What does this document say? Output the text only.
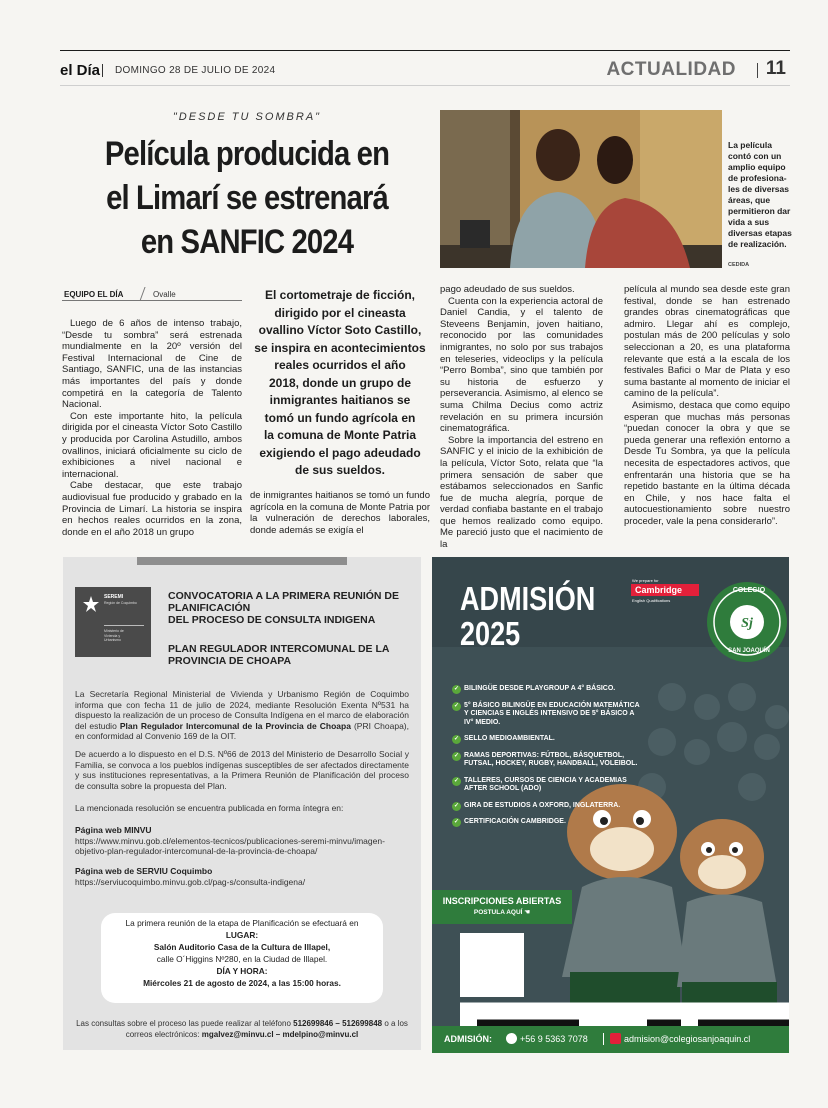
el Día DOMINGO 28 DE JULIO DE 2024	ACTUALIDAD 11
"DESDE TU SOMBRA"
Película producida en
el Limarí se estrenará
en SANFIC 2024
La película contó con un amplio equipo de profesiona-les de diversas áreas, que permitieron dar vida a sus diversas etapas de realización.
CEDIDA
EQUIPO EL DÍA	Ovalle

Luego de 6 años de intenso trabajo, “Desde tu sombra” será estrenada mundialmente en la 20º versión del Festival Internacional de Cine de Santiago, SANFIC, una de las instancias más importantes del país y donde competirá en la categoría de Talento Nacional.

Con este importante hito, la película dirigida por el cineasta Víctor Soto Castillo y producida por Carolina Astudillo, ambos ovallinos, iniciará oficialmente su ciclo de exhibiciones a nivel nacional e internacional.

Cabe destacar, que este trabajo audiovisual fue producido y grabado en la Provincia de Limarí. La historia se inspira en hechos reales ocurridos en la zona, donde en el año 2018 un grupo

El cortometraje de ficción,
dirigido por el cineasta
ovallino Víctor Soto Castillo,
se inspira en acontecimientos
reales ocurridos el año
2018, donde un grupo de
inmigrantes haitianos se
tomó un fundo agrícola en
la comuna de Monte Patria
exigiendo el pago adeudado
de sus sueldos.

de inmigrantes haitianos se tomó un fundo agrícola en la comuna de Monte Patria por la vulneración de derechos laborales, donde además se exigía el

pago adeudado de sus sueldos.

Cuenta con la experiencia actoral de Daniel Candia, y el talento de Steveens Benjamin, joven haitiano, reconocido por las comunidades inmigrantes, no solo por sus trabajos en teleseries, videoclips y la película “Perro Bomba”, sino que también por su historia de esfuerzo y perseverancia. Asimismo, al elenco se suma Chilma Decius como actriz revelación en su primera incursión cinematográfica.

Sobre la importancia del estreno en SANFIC y el inicio de la exhibición de la película, Víctor Soto, relata que “la primera sensación de saber que estábamos seleccionados en Sanfic fue de mucha alegría, porque de verdad confiaba bastante en el trabajo que hemos realizado como equipo. Me pareció justo que el nacimiento de la

película al mundo sea desde este gran festival, donde se han estrenado grandes obras cinematográficas que admiro. Llegar ahí es complejo, postulan más de 200 películas y solo seleccionan a 20, es una plataforma relevante que está a la escala de los festivales Bafici o Mar de Plata y eso suma bastante al momento de iniciar el camino de la película”.

Asimismo, destaca que como equipo esperan que muchas más personas “puedan conocer la obra y que se pueda generar una reflexión entorno a Desde Tu Sombra, ya que la película necesita de espectadores activos, que enfrentarán una historia que se ha repetido bastante en la última década en Chile, y nos hace falta el autocuestionamiento sobre nuestro proceder, vale la pena considerarlo”.

SEREMI
Región de Coquimbo
Ministerio de
Vivienda y
Urbanismo
CONVOCATORIA A LA PRIMERA REUNIÓN DE
PLANIFICACIÓN
DEL PROCESO DE CONSULTA INDIGENA
PLAN REGULADOR INTERCOMUNAL DE LA
PROVINCIA DE CHOAPA
La Secretaría Regional Ministerial de Vivienda y Urbanismo Región de Coquimbo informa que con fecha 11 de julio de 2024, mediante Resolución Exenta Nº531 ha dispuesto la realización de un proceso de Consulta Indígena en el marco de elaboración del estudio Plan Regulador Intercomunal de la Provincia de Choapa (PRI Choapa), en conformidad al Convenio 169 de la OIT.
De acuerdo a lo dispuesto en el D.S. Nº66 de 2013 del Ministerio de Desarrollo Social y Familia, se convoca a los pueblos indígenas susceptibles de ser afectados directamente y sus instituciones representativas, a la Primera Reunión de Planificación del proceso de consulta sobre la propuesta del Plan.
La mencionada resolución se encuentra publicada en forma íntegra en:
Página web MINVU
https://www.minvu.gob.cl/elementos-tecnicos/publicaciones-seremi-minvu/imagen-objetivo-plan-regulador-intercomunal-de-la-provincia-de-choapa/
Página web de SERVIU Coquimbo
https://serviucoquimbo.minvu.gob.cl/pag-s/consulta-indigena/
La primera reunión de la etapa de Planificación se efectuará en
LUGAR:
Salón Auditorio Casa de la Cultura de Illapel,
calle O´Higgins Nº280, en la Ciudad de Illapel.
DÍA Y HORA:
Miércoles 21 de agosto de 2024, a las 15:00 horas.
Las consultas sobre el proceso las puede realizar al teléfono 512699846 – 512699848 o a los correos electrónicos: mgalvez@minvu.cl – mdelpino@minvu.cl
Sj
COLEGIO
SAN JOAQUÍN
ADMISIÓN
2025
We prepare for
Cambridge
English Qualifications
✓ BILINGÜE DESDE PLAYGROUP A 4° BÁSICO.
✓ 5° BÁSICO BILINGÜE EN EDUCACIÓN MATEMÁTICA Y CIENCIAS E INGLÉS INTENSIVO DE 5° BÁSICO A IV° MEDIO.
✓ SELLO MEDIOAMBIENTAL.
✓ RAMAS DEPORTIVAS: FÚTBOL, BÁSQUETBOL, FUTSAL, HOCKEY, RUGBY, HANDBALL, VOLEIBOL.
✓ TALLERES, CURSOS DE CIENCIA Y ACADEMIAS AFTER SCHOOL (ADO)
✓ GIRA DE ESTUDIOS A OXFORD, INGLATERRA.
✓ CERTIFICACIÓN CAMBRIDGE.
INSCRIPCIONES ABIERTAS
POSTULA AQUÍ ☚
ADMISIÓN:	+56 9 5363 7078	admision@colegiosanjoaquin.cl
